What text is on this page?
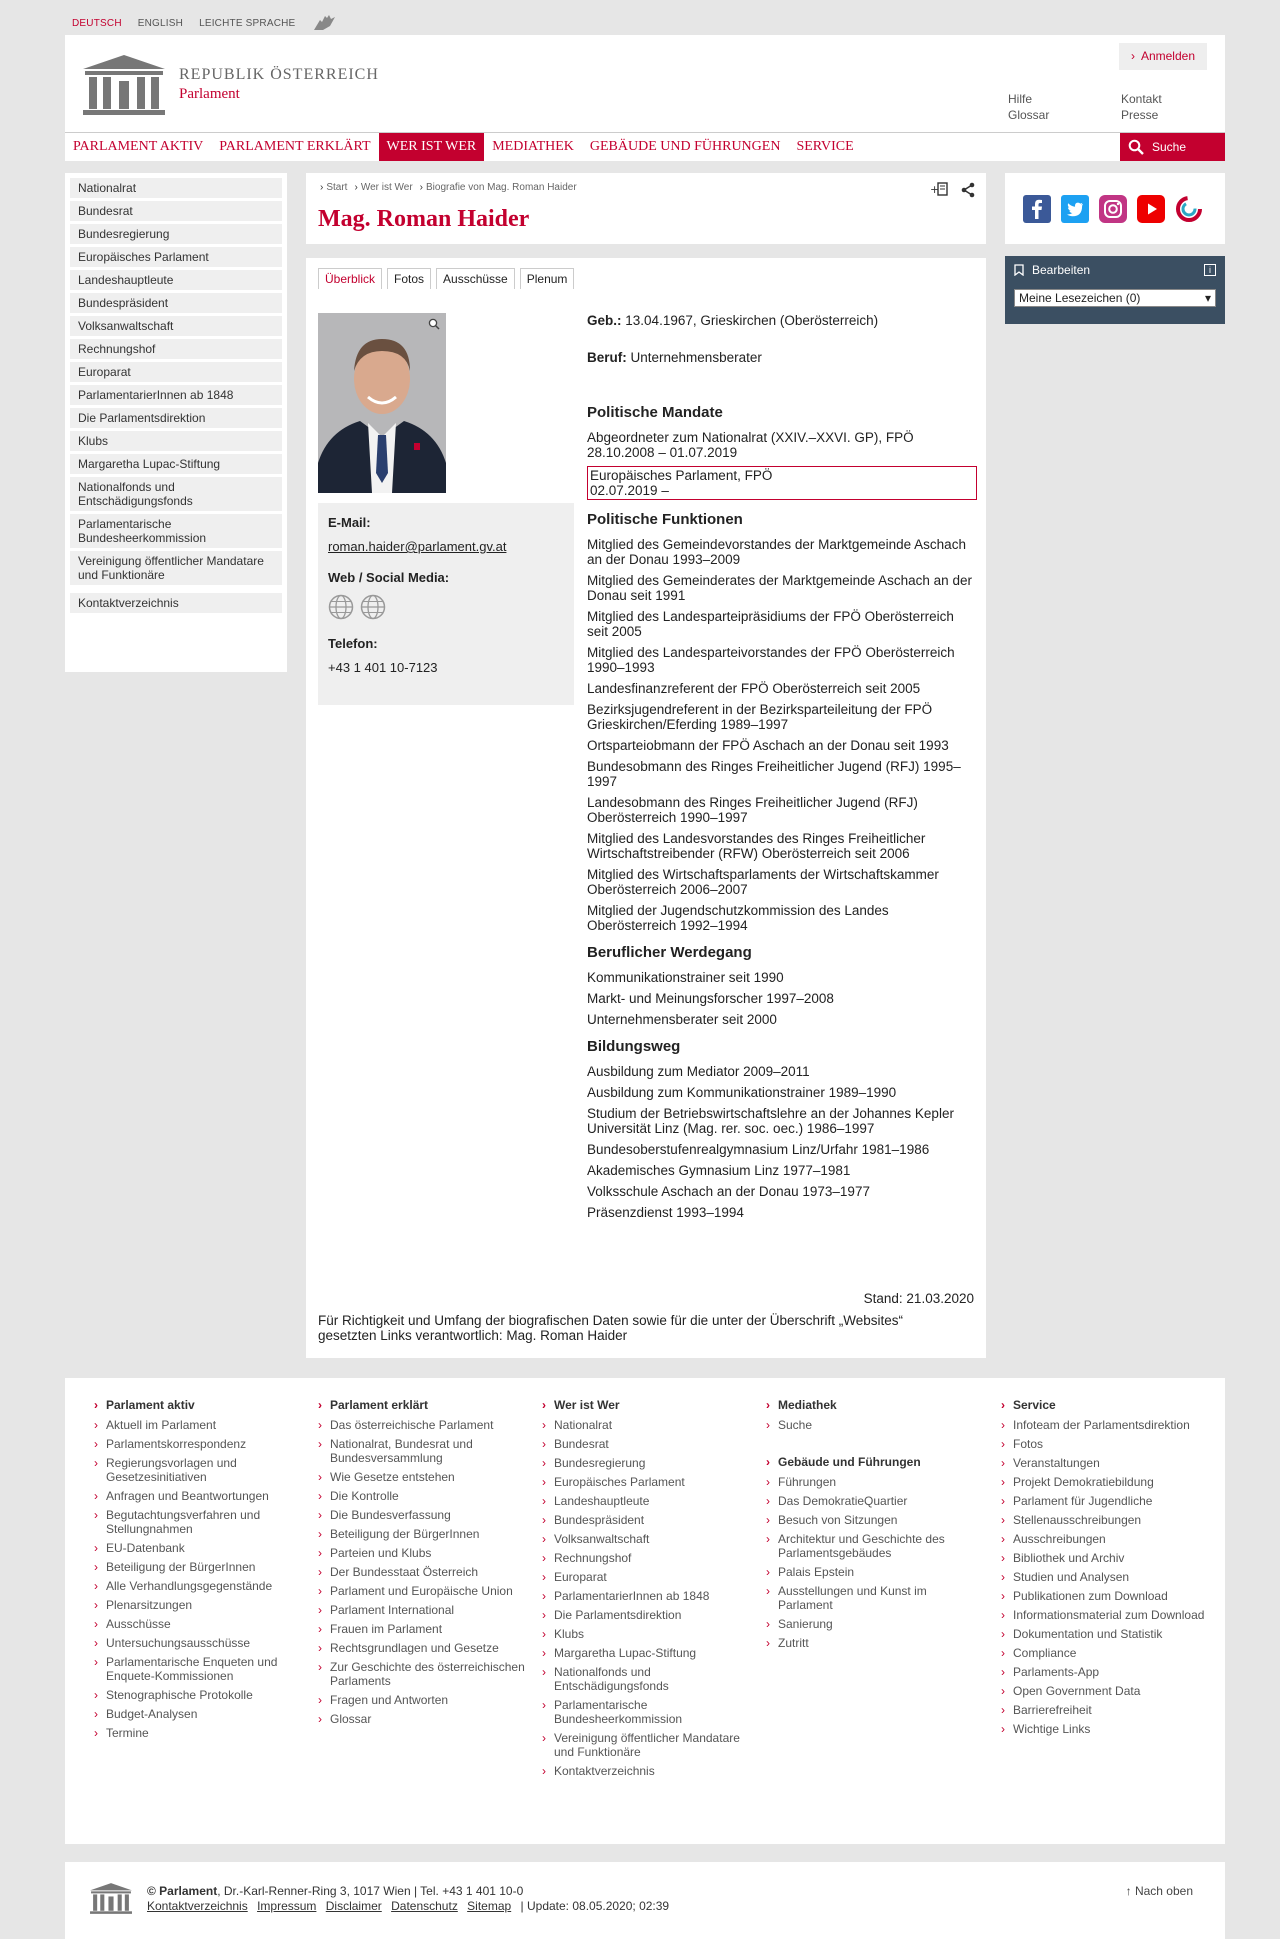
DEUTSCH ENGLISH LEICHTE SPRACHE
REPUBLIK ÖSTERREICH
Parlament
› Anmelden
Hilfe	Kontakt
Glossar	Presse
PARLAMENT AKTIV	PARLAMENT ERKLÄRT	WER IST WER	MEDIATHEK	GEBÄUDE UND FÜHRUNGEN	SERVICE	Suche
Nationalrat
Bundesrat
Bundesregierung
Europäisches Parlament
Landeshauptleute
Bundespräsident
Volksanwaltschaft
Rechnungshof
Europarat
ParlamentarierInnen ab 1848
Die Parlamentsdirektion
Klubs
Margaretha Lupac-Stiftung
Nationalfonds und Entschädigungsfonds
Parlamentarische Bundesheerkommission
Vereinigung öffentlicher Mandatare und Funktionäre
Kontaktverzeichnis
› Start	› Wer ist Wer	› Biografie von Mag. Roman Haider	+
Mag. Roman Haider
Überblick	Fotos	Ausschüsse	Plenum
E-Mail:
roman.haider@parlament.gv.at
Web / Social Media:
Telefon:
+43 1 401 10-7123
Geb.: 13.04.1967, Grieskirchen (Oberösterreich)
Beruf: Unternehmensberater
Politische Mandate
Abgeordneter zum Nationalrat (XXIV.–XXVI. GP), FPÖ
28.10.2008 – 01.07.2019
Europäisches Parlament, FPÖ
02.07.2019 –
Politische Funktionen
Mitglied des Gemeindevorstandes der Marktgemeinde Aschach an der Donau 1993–2009
Mitglied des Gemeinderates der Marktgemeinde Aschach an der Donau seit 1991
Mitglied des Landesparteipräsidiums der FPÖ Oberösterreich seit 2005
Mitglied des Landesparteivorstandes der FPÖ Oberösterreich 1990–1993
Landesfinanzreferent der FPÖ Oberösterreich seit 2005
Bezirksjugendreferent in der Bezirksparteileitung der FPÖ Grieskirchen/Eferding 1989–1997
Ortsparteiobmann der FPÖ Aschach an der Donau seit 1993
Bundesobmann des Ringes Freiheitlicher Jugend (RFJ) 1995–1997
Landesobmann des Ringes Freiheitlicher Jugend (RFJ) Oberösterreich 1990–1997
Mitglied des Landesvorstandes des Ringes Freiheitlicher Wirtschaftstreibender (RFW) Oberösterreich seit 2006
Mitglied des Wirtschaftsparlaments der Wirtschaftskammer Oberösterreich 2006–2007
Mitglied der Jugendschutzkommission des Landes Oberösterreich 1992–1994
Beruflicher Werdegang
Kommunikationstrainer seit 1990
Markt- und Meinungsforscher 1997–2008
Unternehmensberater seit 2000
Bildungsweg
Ausbildung zum Mediator 2009–2011
Ausbildung zum Kommunikationstrainer 1989–1990
Studium der Betriebswirtschaftslehre an der Johannes Kepler Universität Linz (Mag. rer. soc. oec.) 1986–1997
Bundesoberstufenrealgymnasium Linz/Urfahr 1981–1986
Akademisches Gymnasium Linz 1977–1981
Volksschule Aschach an der Donau 1973–1977
Präsenzdienst 1993–1994
Stand: 21.03.2020
Für Richtigkeit und Umfang der biografischen Daten sowie für die unter der Überschrift „Websites“ gesetzten Links verantwortlich: Mag. Roman Haider
Bearbeiten	i
Meine Lesezeichen (0)	▾
› Parlament aktiv
› Aktuell im Parlament
› Parlamentskorrespondenz
› Regierungsvorlagen und Gesetzesinitiativen
› Anfragen und Beantwortungen
› Begutachtungsverfahren und Stellungnahmen
› EU-Datenbank
› Beteiligung der BürgerInnen
› Alle Verhandlungsgegenstände
› Plenarsitzungen
› Ausschüsse
› Untersuchungsausschüsse
› Parlamentarische Enqueten und Enquete-Kommissionen
› Stenographische Protokolle
› Budget-Analysen
› Termine
› Parlament erklärt
› Das österreichische Parlament
› Nationalrat, Bundesrat und Bundesversammlung
› Wie Gesetze entstehen
› Die Kontrolle
› Die Bundesverfassung
› Beteiligung der BürgerInnen
› Parteien und Klubs
› Der Bundesstaat Österreich
› Parlament und Europäische Union
› Parlament International
› Frauen im Parlament
› Rechtsgrundlagen und Gesetze
› Zur Geschichte des österreichischen Parlaments
› Fragen und Antworten
› Glossar
› Wer ist Wer
› Nationalrat
› Bundesrat
› Bundesregierung
› Europäisches Parlament
› Landeshauptleute
› Bundespräsident
› Volksanwaltschaft
› Rechnungshof
› Europarat
› ParlamentarierInnen ab 1848
› Die Parlamentsdirektion
› Klubs
› Margaretha Lupac-Stiftung
› Nationalfonds und Entschädigungsfonds
› Parlamentarische Bundesheerkommission
› Vereinigung öffentlicher Mandatare und Funktionäre
› Kontaktverzeichnis
› Mediathek
› Suche
› Gebäude und Führungen
› Führungen
› Das DemokratieQuartier
› Besuch von Sitzungen
› Architektur und Geschichte des Parlamentsgebäudes
› Palais Epstein
› Ausstellungen und Kunst im Parlament
› Sanierung
› Zutritt
› Service
› Infoteam der Parlamentsdirektion
› Fotos
› Veranstaltungen
› Projekt Demokratiebildung
› Parlament für Jugendliche
› Stellenausschreibungen
› Ausschreibungen
› Bibliothek und Archiv
› Studien und Analysen
› Publikationen zum Download
› Informationsmaterial zum Download
› Dokumentation und Statistik
› Compliance
› Parlaments-App
› Open Government Data
› Barrierefreiheit
› Wichtige Links
© Parlament, Dr.-Karl-Renner-Ring 3, 1017 Wien | Tel. +43 1 401 10-0
Kontaktverzeichnis Impressum Disclaimer Datenschutz Sitemap | Update: 08.05.2020; 02:39
↑ Nach oben
